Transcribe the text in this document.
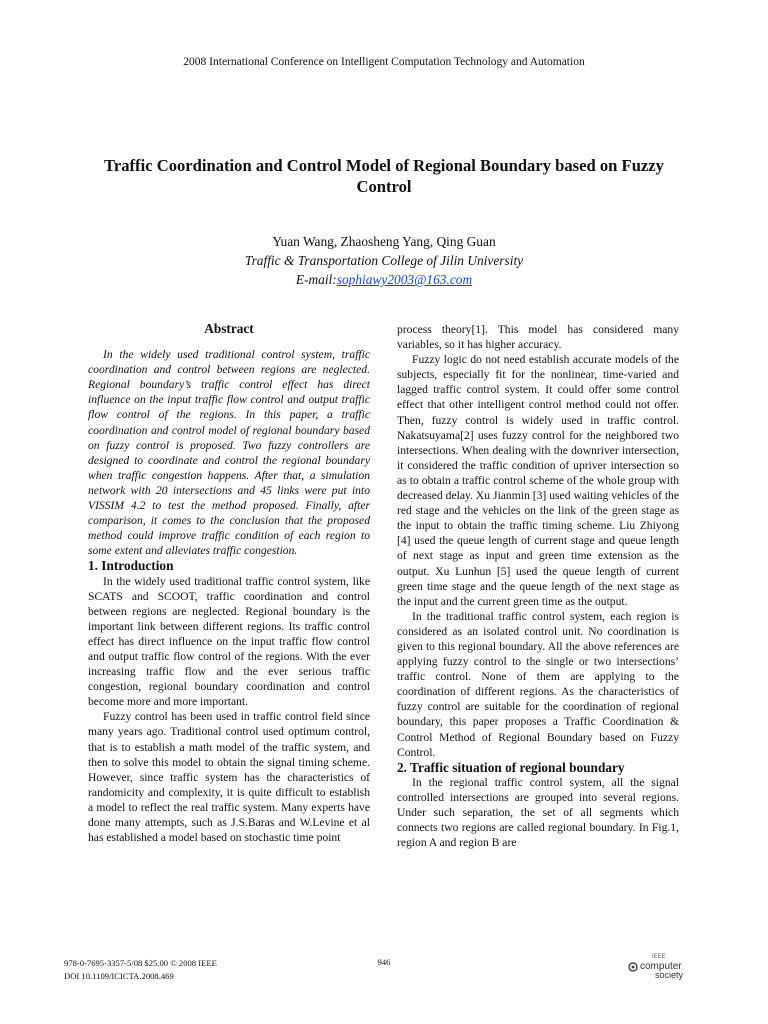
2008 International Conference on Intelligent Computation Technology and Automation
Traffic Coordination and Control Model of Regional Boundary based on Fuzzy Control
Yuan Wang, Zhaosheng Yang, Qing Guan
Traffic & Transportation College of Jilin University
E-mail:sophiawy2003@163.com
Abstract

In the widely used traditional control system, traffic coordination and control between regions are neglected. Regional boundary’s traffic control effect has direct influence on the input traffic flow control and output traffic flow control of the regions. In this paper, a traffic coordination and control model of regional boundary based on fuzzy control is proposed. Two fuzzy controllers are designed to coordinate and control the regional boundary when traffic congestion happens. After that, a simulation network with 20 intersections and 45 links were put into VISSIM 4.2 to test the method proposed. Finally, after comparison, it comes to the conclusion that the proposed method could improve traffic condition of each region to some extent and alleviates traffic congestion.

1. Introduction

In the widely used traditional traffic control system, like SCATS and SCOOT, traffic coordination and control between regions are neglected. Regional boundary is the important link between different regions. Its traffic control effect has direct influence on the input traffic flow control and output traffic flow control of the regions. With the ever increasing traffic flow and the ever serious traffic congestion, regional boundary coordination and control become more and more important.

Fuzzy control has been used in traffic control field since many years ago. Traditional control used optimum control, that is to establish a math model of the traffic system, and then to solve this model to obtain the signal timing scheme. However, since traffic system has the characteristics of randomicity and complexity, it is quite difficult to establish a model to reflect the real traffic system. Many experts have done many attempts, such as J.S.Baras and W.Levine et al has established a model based on stochastic time point

process theory[1]. This model has considered many variables, so it has higher accuracy.

Fuzzy logic do not need establish accurate models of the subjects, especially fit for the nonlinear, time-varied and lagged traffic control system. It could offer some control effect that other intelligent control method could not offer. Then, fuzzy control is widely used in traffic control. Nakatsuyama[2] uses fuzzy control for the neighbored two intersections. When dealing with the downriver intersection, it considered the traffic condition of upriver intersection so as to obtain a traffic control scheme of the whole group with decreased delay. Xu Jianmin [3] used waiting vehicles of the red stage and the vehicles on the link of the green stage as the input to obtain the traffic timing scheme. Liu Zhiyong [4] used the queue length of current stage and queue length of next stage as input and green time extension as the output. Xu Lunhun [5] used the queue length of current green time stage and the queue length of the next stage as the input and the current green time as the output.

In the traditional traffic control system, each region is considered as an isolated control unit. No coordination is given to this regional boundary. All the above references are applying fuzzy control to the single or two intersections’ traffic control. None of them are applying to the coordination of different regions. As the characteristics of fuzzy control are suitable for the coordination of regional boundary, this paper proposes a Traffic Coordination & Control Method of Regional Boundary based on Fuzzy Control.

2. Traffic situation of regional boundary

In the regional traffic control system, all the signal controlled intersections are grouped into several regions. Under such separation, the set of all segments which connects two regions are called regional boundary. In Fig.1, region A and region B are

978-0-7695-3357-5/08 $25.00 © 2008 IEEE
DOI 10.1109/ICICTA.2008.469
946	IEEE
computer
society
